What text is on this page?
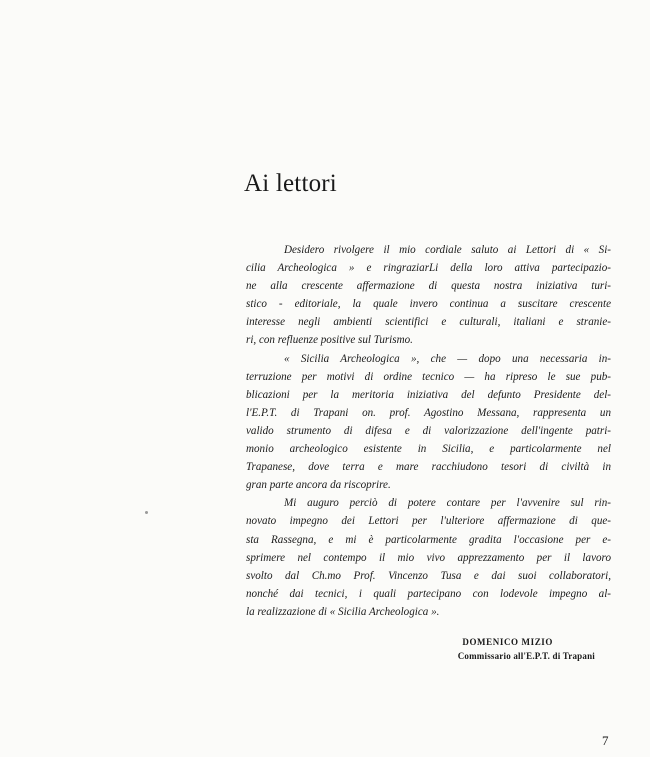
Ai lettori
Desidero rivolgere il mio cordiale saluto ai Lettori di « Si-
cilia Archeologica » e ringraziarLi della loro attiva partecipazio-
ne alla crescente affermazione di questa nostra iniziativa turi-
stico - editoriale, la quale invero continua a suscitare crescente
interesse negli ambienti scientifici e culturali, italiani e stranie-
ri, con refluenze positive sul Turismo.
« Sicilia Archeologica », che — dopo una necessaria in-
terruzione per motivi di ordine tecnico — ha ripreso le sue pub-
blicazioni per la meritoria iniziativa del defunto Presidente del-
l'E.P.T. di Trapani on. prof. Agostino Messana, rappresenta un
valido strumento di difesa e di valorizzazione dell'ingente patri-
monio archeologico esistente in Sicilia, e particolarmente nel
Trapanese, dove terra e mare racchiudono tesori di civiltà in
gran parte ancora da riscoprire.
Mi auguro perciò di potere contare per l'avvenire sul rin-
novato impegno dei Lettori per l'ulteriore affermazione di que-
sta Rassegna, e mi è particolarmente gradita l'occasione per e-
sprimere nel contempo il mio vivo apprezzamento per il lavoro
svolto dal Ch.mo Prof. Vincenzo Tusa e dai suoi collaboratori,
nonché dai tecnici, i quali partecipano con lodevole impegno al-
la realizzazione di « Sicilia Archeologica ».
DOMENICO MIZIO
Commissario all'E.P.T. di Trapani
7
